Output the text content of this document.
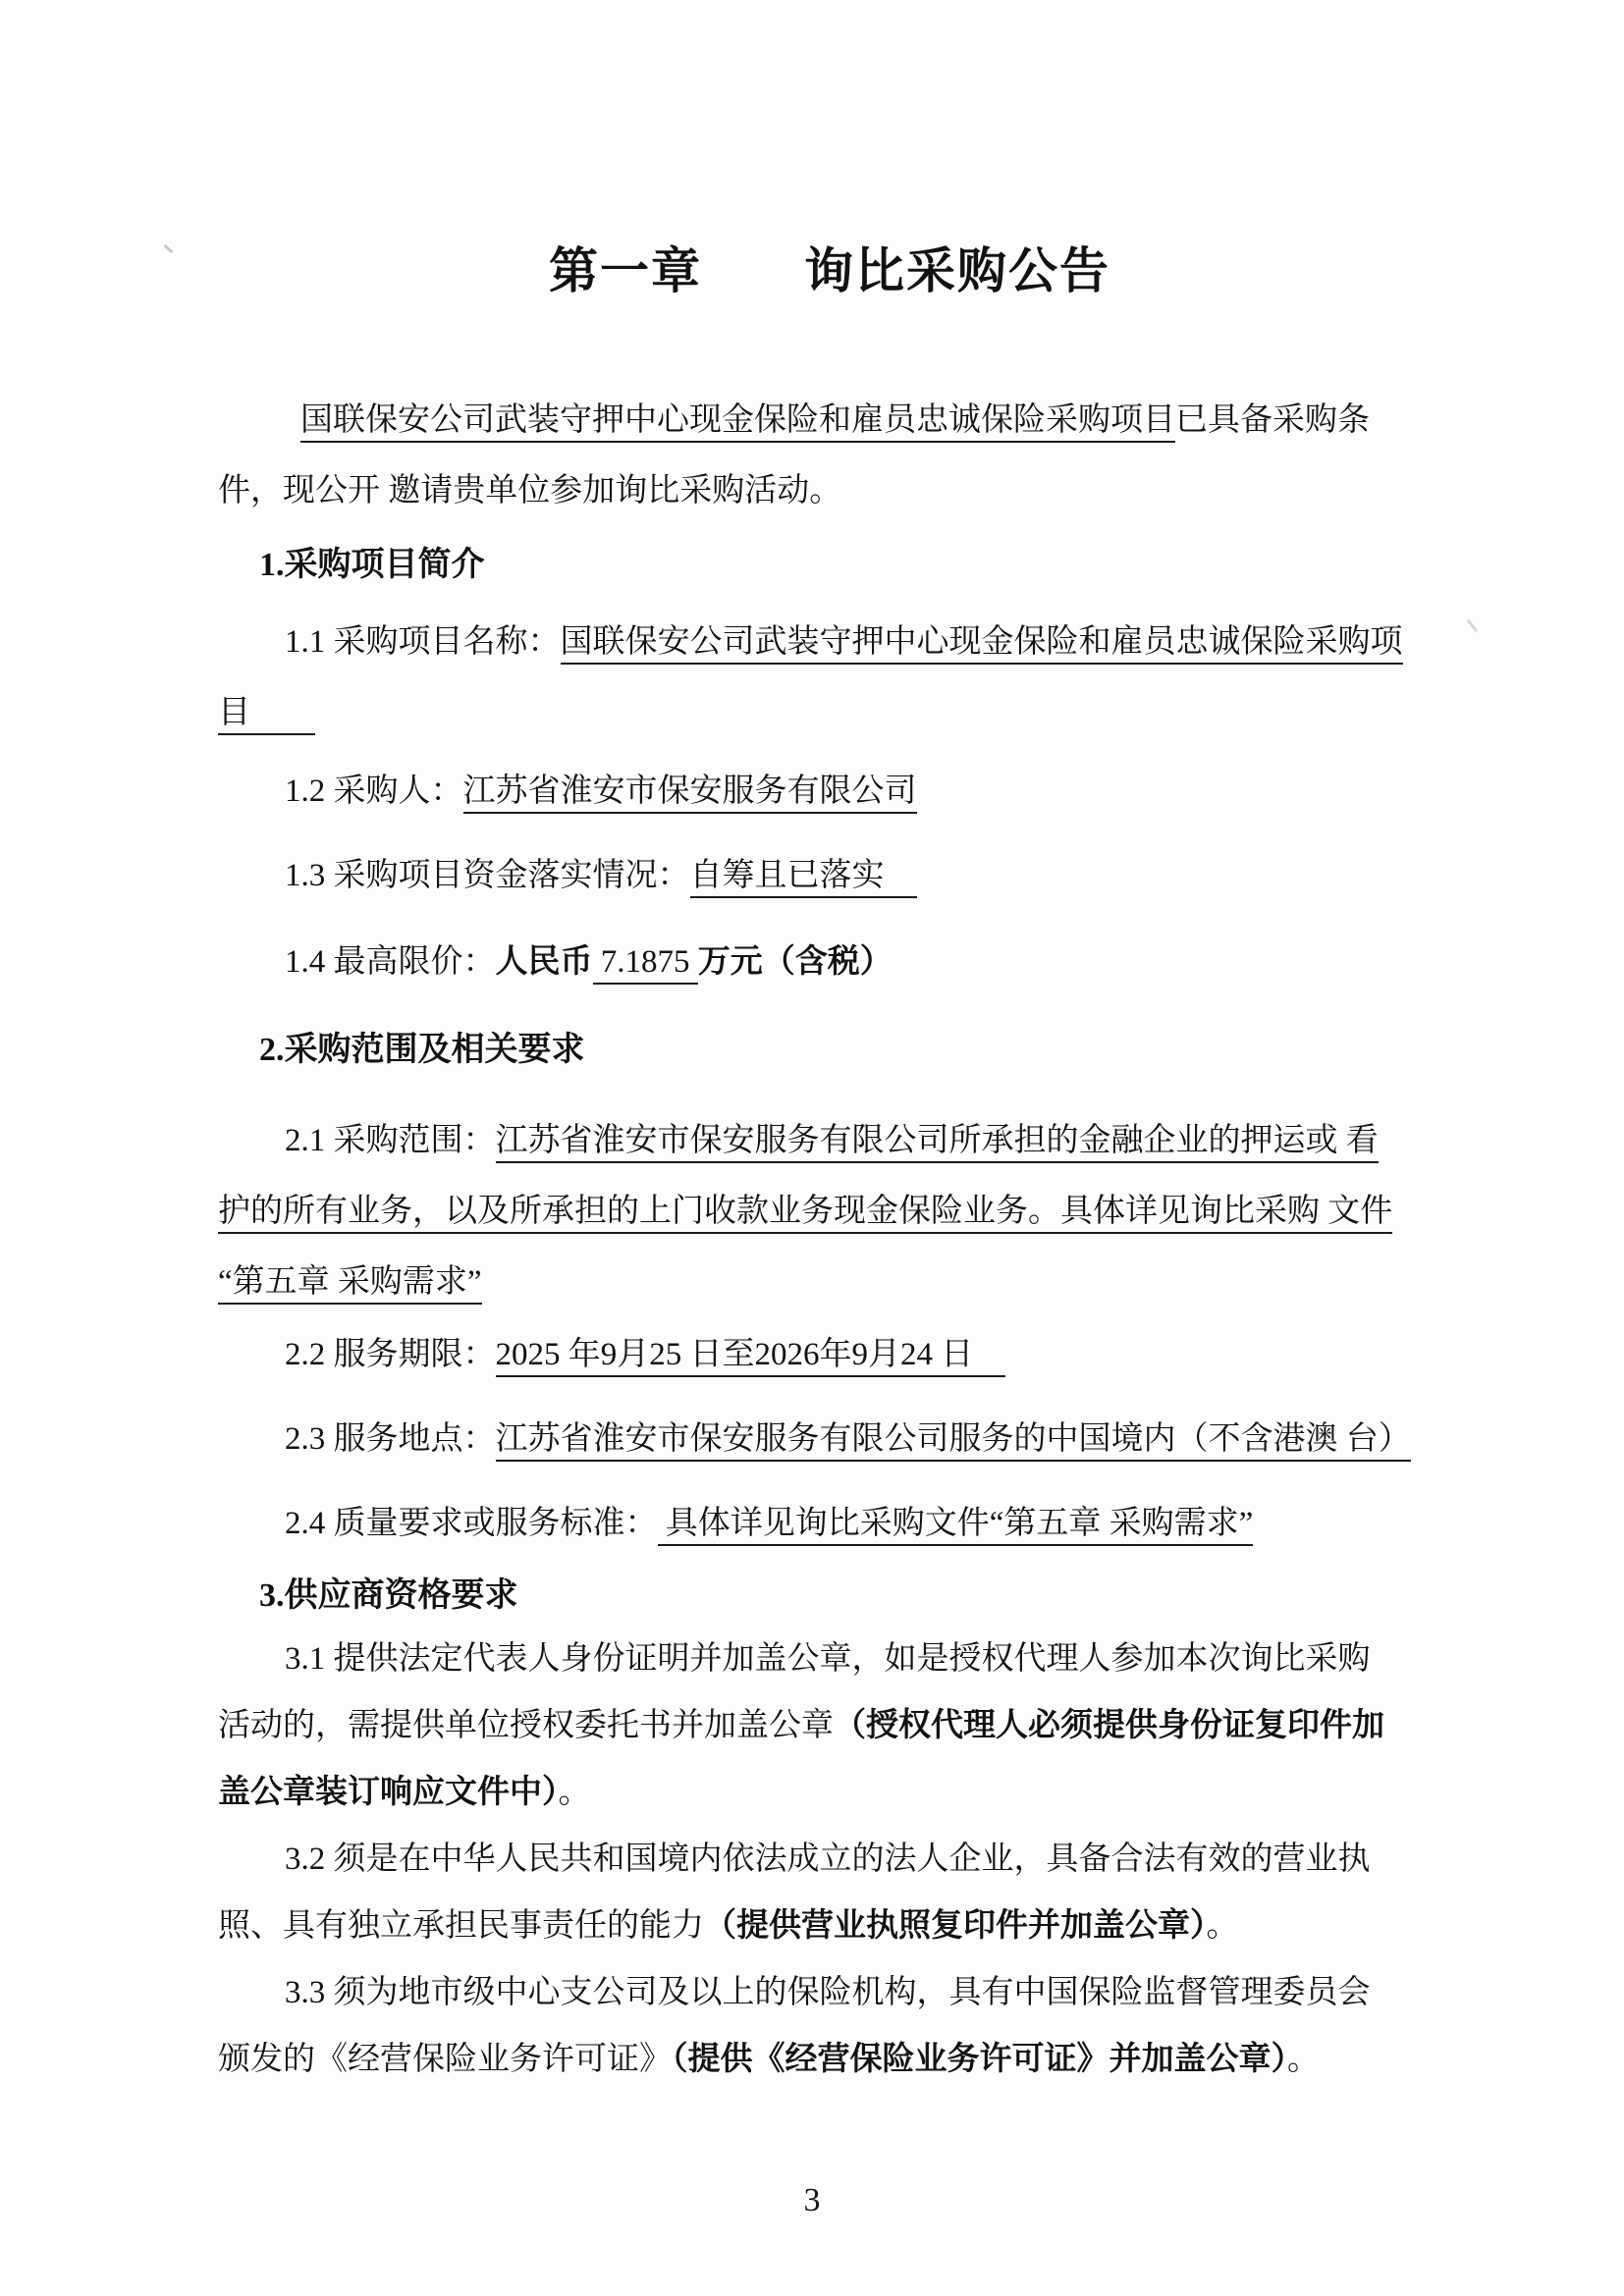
第一章　　询比采购公告
国联保安公司武装守押中心现金保险和雇员忠诚保险采购项目已具备采购条
件，现公开 邀请贵单位参加询比采购活动。
1.采购项目简介
1.1 采购项目名称：国联保安公司武装守押中心现金保险和雇员忠诚保险采购项
目　　
1.2 采购人：江苏省淮安市保安服务有限公司
1.3 采购项目资金落实情况：自筹且已落实　
1.4 最高限价：人民币 7.1875 万元（含税）
2.采购范围及相关要求
2.1 采购范围：江苏省淮安市保安服务有限公司所承担的金融企业的押运或 看
护的所有业务，以及所承担的上门收款业务现金保险业务。具体详见询比采购 文件
“第五章 采购需求”
2.2 服务期限：2025 年9月25 日至2026年9月24 日　
2.3 服务地点：江苏省淮安市保安服务有限公司服务的中国境内（不含港澳 台）
2.4 质量要求或服务标准： 具体详见询比采购文件“第五章 采购需求”
3.供应商资格要求
3.1 提供法定代表人身份证明并加盖公章，如是授权代理人参加本次询比采购
活动的，需提供单位授权委托书并加盖公章（授权代理人必须提供身份证复印件加
盖公章装订响应文件中）。
3.2 须是在中华人民共和国境内依法成立的法人企业，具备合法有效的营业执
照、具有独立承担民事责任的能力（提供营业执照复印件并加盖公章）。
3.3 须为地市级中心支公司及以上的保险机构，具有中国保险监督管理委员会
颁发的《经营保险业务许可证》（提供《经营保险业务许可证》并加盖公章）。
3
